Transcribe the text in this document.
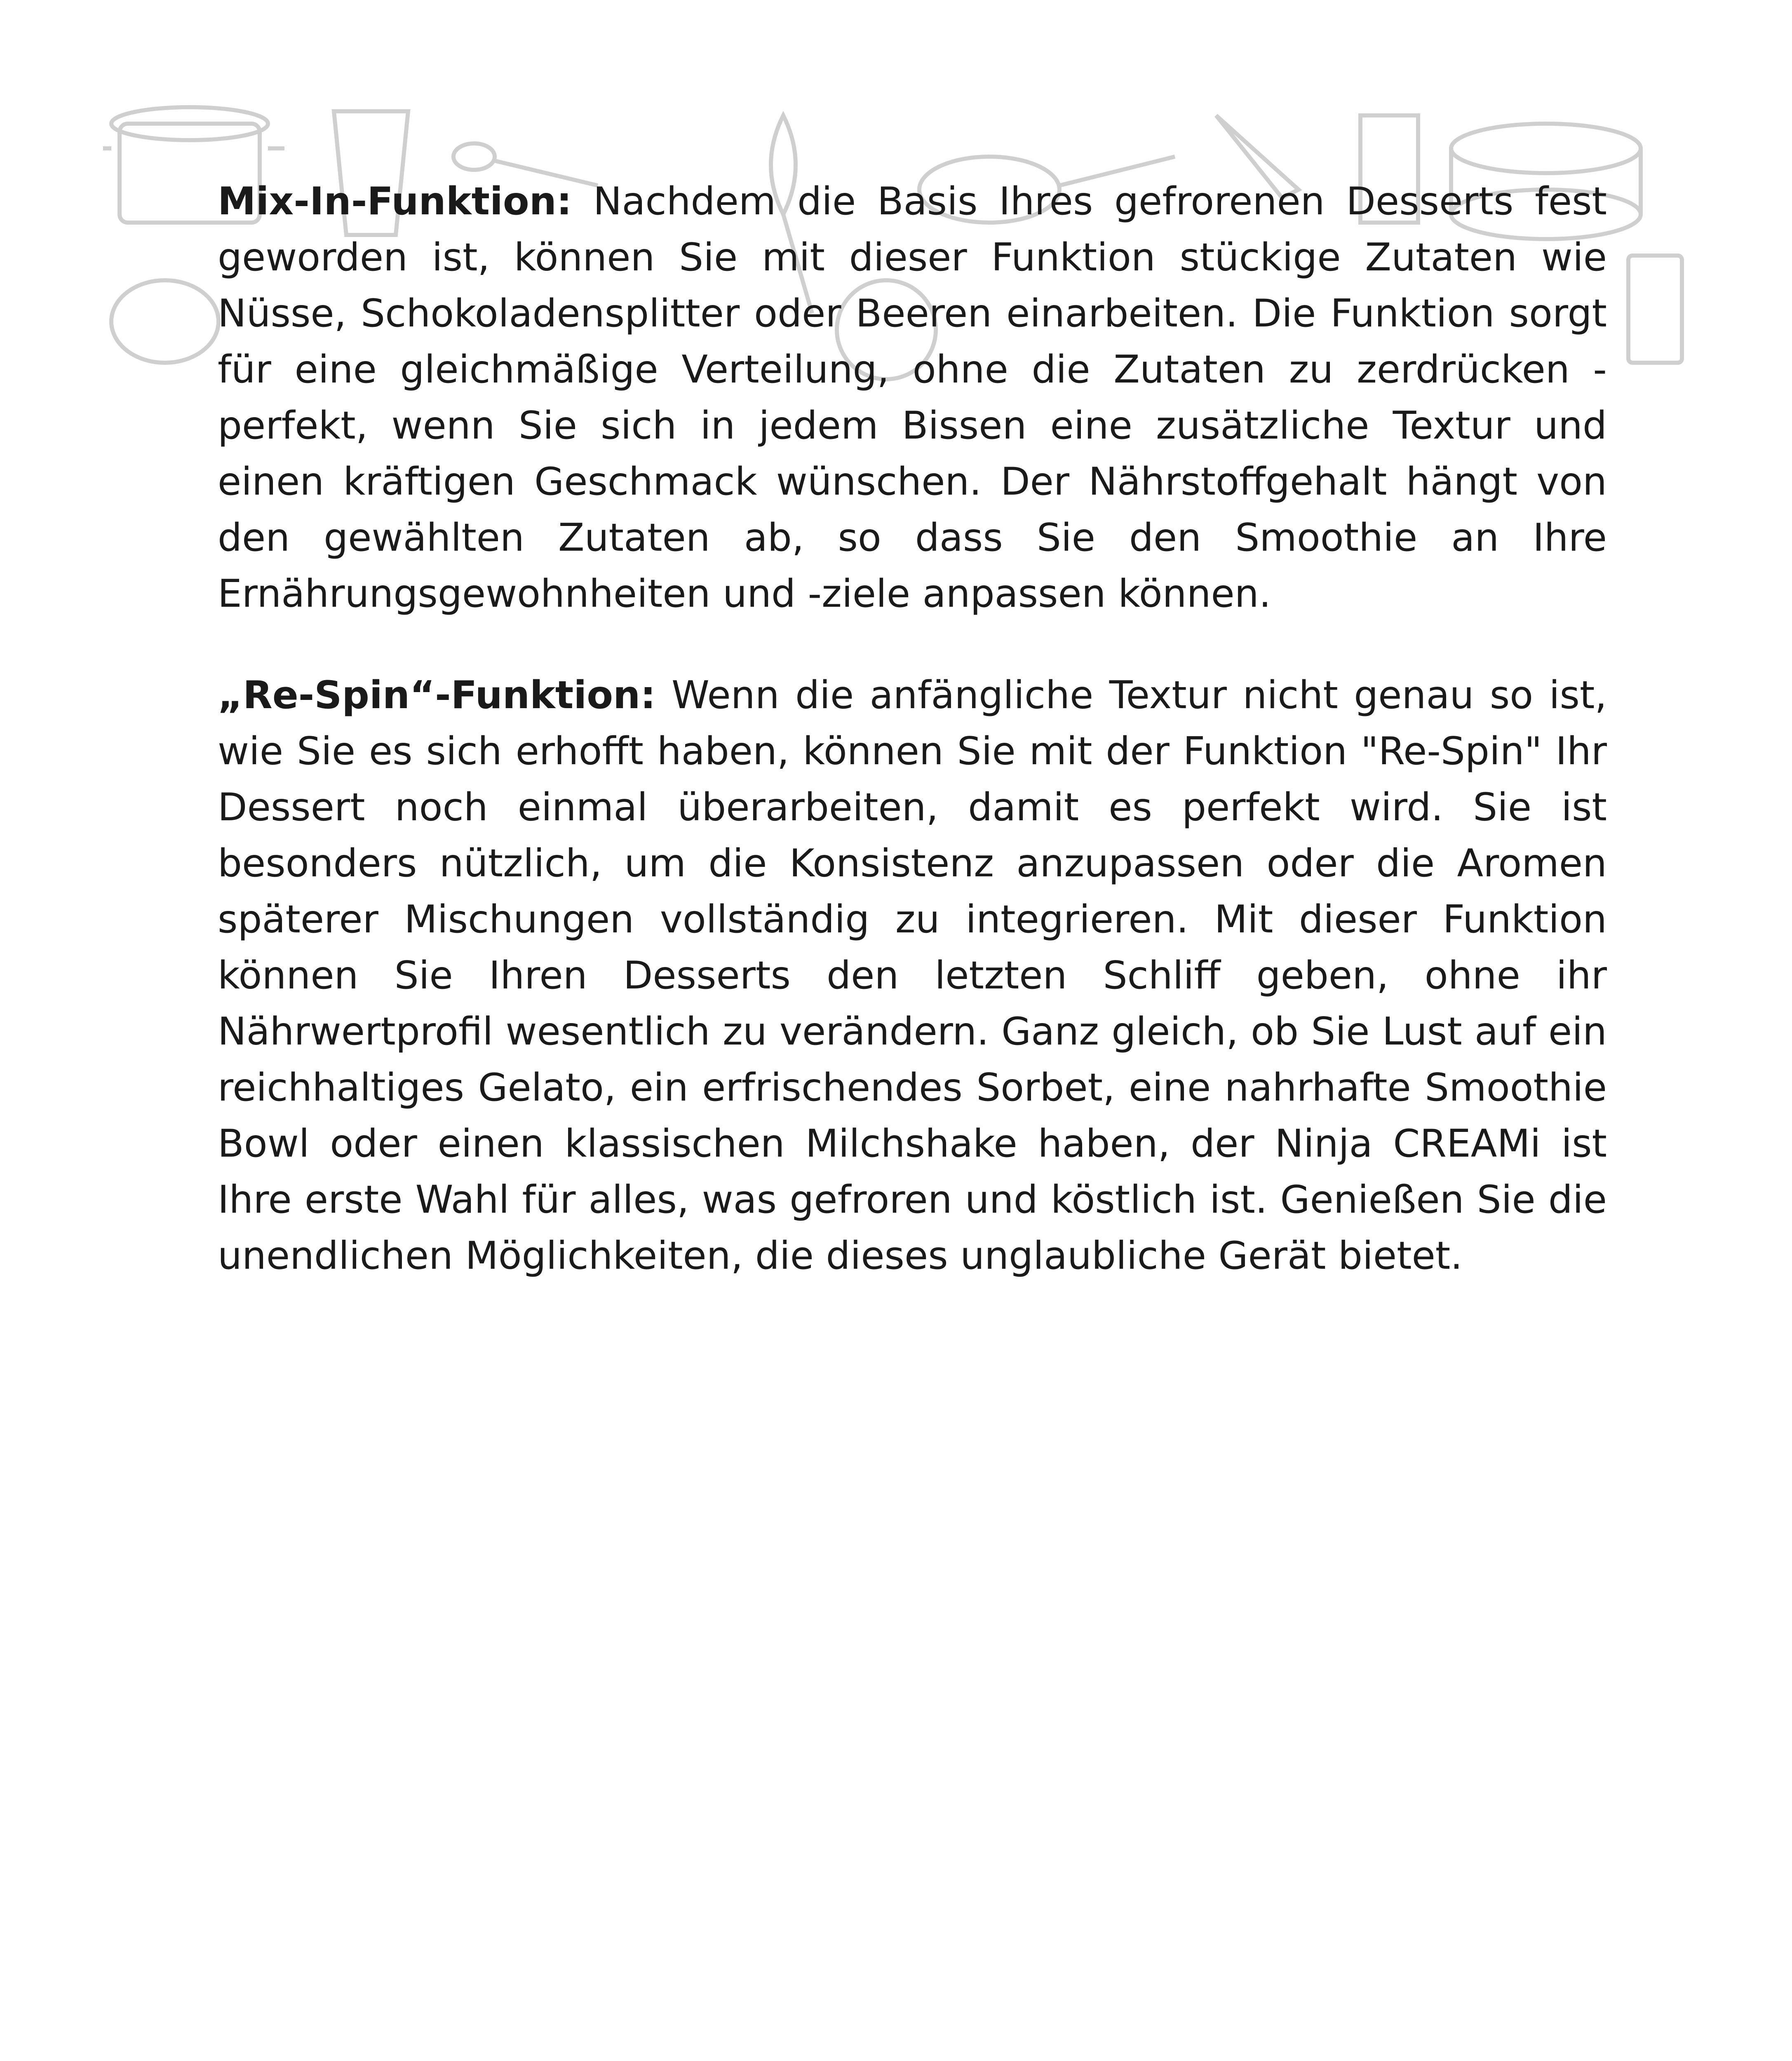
Mix-In-Funktion: Nachdem die Basis Ihres gefrorenen Desserts fest geworden ist, können Sie mit dieser Funktion stückige Zutaten wie Nüsse, Schokoladensplitter oder Beeren einarbeiten. Die Funktion sorgt für eine gleichmäßige Verteilung, ohne die Zutaten zu zerdrücken - perfekt, wenn Sie sich in jedem Bissen eine zusätzliche Textur und einen kräftigen Geschmack wünschen. Der Nährstoffgehalt hängt von den gewählten Zutaten ab, so dass Sie den Smoothie an Ihre Ernährungsgewohnheiten und -ziele anpassen können.

„Re-Spin“-Funktion: Wenn die anfängliche Textur nicht genau so ist, wie Sie es sich erhofft haben, können Sie mit der Funktion "Re-Spin" Ihr Dessert noch einmal überarbeiten, damit es perfekt wird. Sie ist besonders nützlich, um die Konsistenz anzupassen oder die Aromen späterer Mischungen vollständig zu integrieren. Mit dieser Funktion können Sie Ihren Desserts den letzten Schliff geben, ohne ihr Nährwertprofil wesentlich zu verändern. Ganz gleich, ob Sie Lust auf ein reichhaltiges Gelato, ein erfrischendes Sorbet, eine nahrhafte Smoothie Bowl oder einen klassischen Milchshake haben, der Ninja CREAMi ist Ihre erste Wahl für alles, was gefroren und köstlich ist. Genießen Sie die unendlichen Möglichkeiten, die dieses unglaubliche Gerät bietet.
